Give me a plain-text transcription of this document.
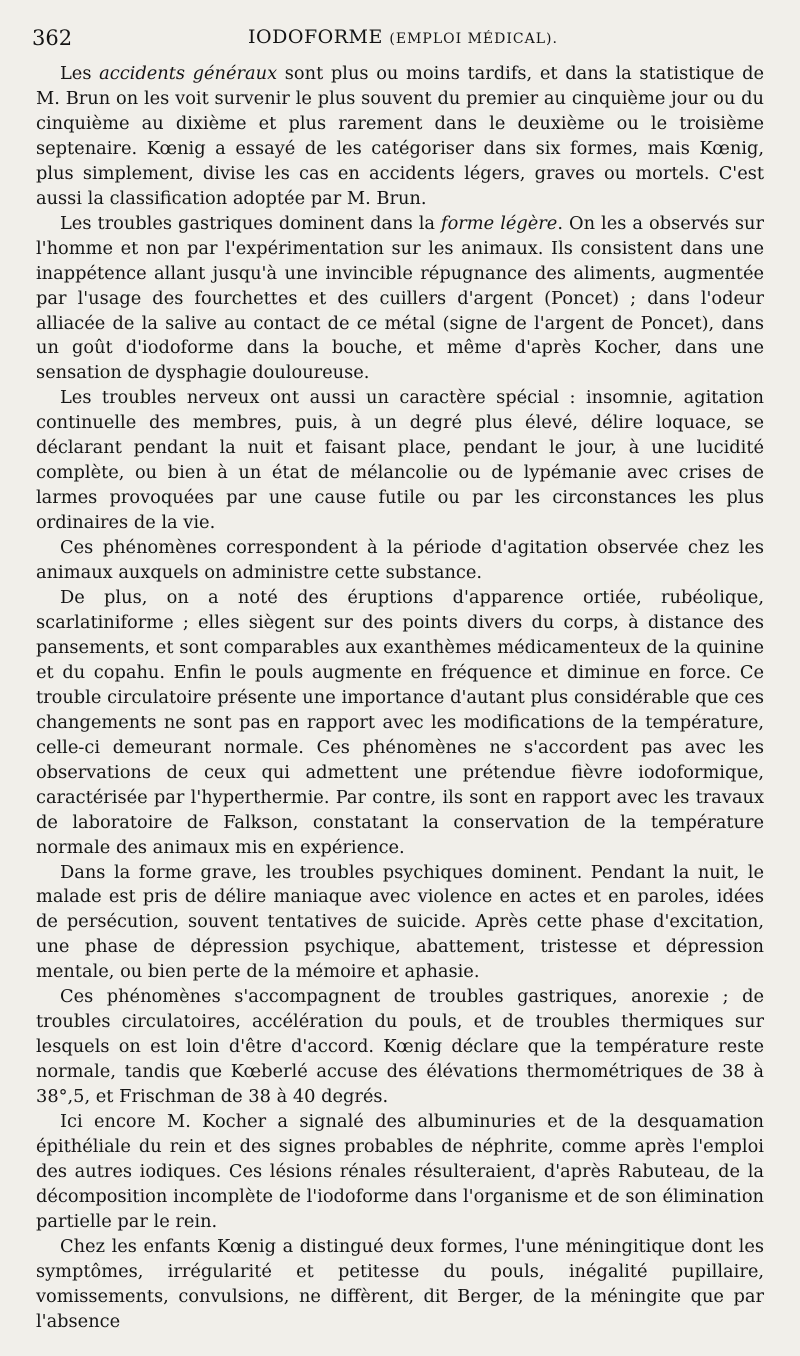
362	IODOFORME (EMPLOI MÉDICAL).

Les accidents généraux sont plus ou moins tardifs, et dans la statistique de M. Brun on les voit survenir le plus souvent du premier au cinquième jour ou du cinquième au dixième et plus rarement dans le deuxième ou le troisième septenaire. Kœnig a essayé de les catégoriser dans six formes, mais Kœnig, plus simplement, divise les cas en accidents légers, graves ou mortels. C'est aussi la classification adoptée par M. Brun.

Les troubles gastriques dominent dans la forme légère. On les a observés sur l'homme et non par l'expérimentation sur les animaux. Ils consistent dans une inappétence allant jusqu'à une invincible répugnance des aliments, augmentée par l'usage des fourchettes et des cuillers d'argent (Poncet) ; dans l'odeur alliacée de la salive au contact de ce métal (signe de l'argent de Poncet), dans un goût d'iodoforme dans la bouche, et même d'après Kocher, dans une sensation de dysphagie douloureuse.

Les troubles nerveux ont aussi un caractère spécial : insomnie, agitation continuelle des membres, puis, à un degré plus élevé, délire loquace, se déclarant pendant la nuit et faisant place, pendant le jour, à une lucidité complète, ou bien à un état de mélancolie ou de lypémanie avec crises de larmes provoquées par une cause futile ou par les circonstances les plus ordinaires de la vie.

Ces phénomènes correspondent à la période d'agitation observée chez les animaux auxquels on administre cette substance.

De plus, on a noté des éruptions d'apparence ortiée, rubéolique, scarlatiniforme ; elles siègent sur des points divers du corps, à distance des pansements, et sont comparables aux exanthèmes médicamenteux de la quinine et du copahu. Enfin le pouls augmente en fréquence et diminue en force. Ce trouble circulatoire présente une importance d'autant plus considérable que ces changements ne sont pas en rapport avec les modifications de la température, celle-ci demeurant normale. Ces phénomènes ne s'accordent pas avec les observations de ceux qui admettent une prétendue fièvre iodoformique, caractérisée par l'hyperthermie. Par contre, ils sont en rapport avec les travaux de laboratoire de Falkson, constatant la conservation de la température normale des animaux mis en expérience.

Dans la forme grave, les troubles psychiques dominent. Pendant la nuit, le malade est pris de délire maniaque avec violence en actes et en paroles, idées de persécution, souvent tentatives de suicide. Après cette phase d'excitation, une phase de dépression psychique, abattement, tristesse et dépression mentale, ou bien perte de la mémoire et aphasie.

Ces phénomènes s'accompagnent de troubles gastriques, anorexie ; de troubles circulatoires, accélération du pouls, et de troubles thermiques sur lesquels on est loin d'être d'accord. Kœnig déclare que la température reste normale, tandis que Kœberlé accuse des élévations thermométriques de 38 à 38°,5, et Frischman de 38 à 40 degrés.

Ici encore M. Kocher a signalé des albuminuries et de la desquamation épithéliale du rein et des signes probables de néphrite, comme après l'emploi des autres iodiques. Ces lésions rénales résulteraient, d'après Rabuteau, de la décomposition incomplète de l'iodoforme dans l'organisme et de son élimination partielle par le rein.

Chez les enfants Kœnig a distingué deux formes, l'une méningitique dont les symptômes, irrégularité et petitesse du pouls, inégalité pupillaire, vomissements, convulsions, ne diffèrent, dit Berger, de la méningite que par l'absence
